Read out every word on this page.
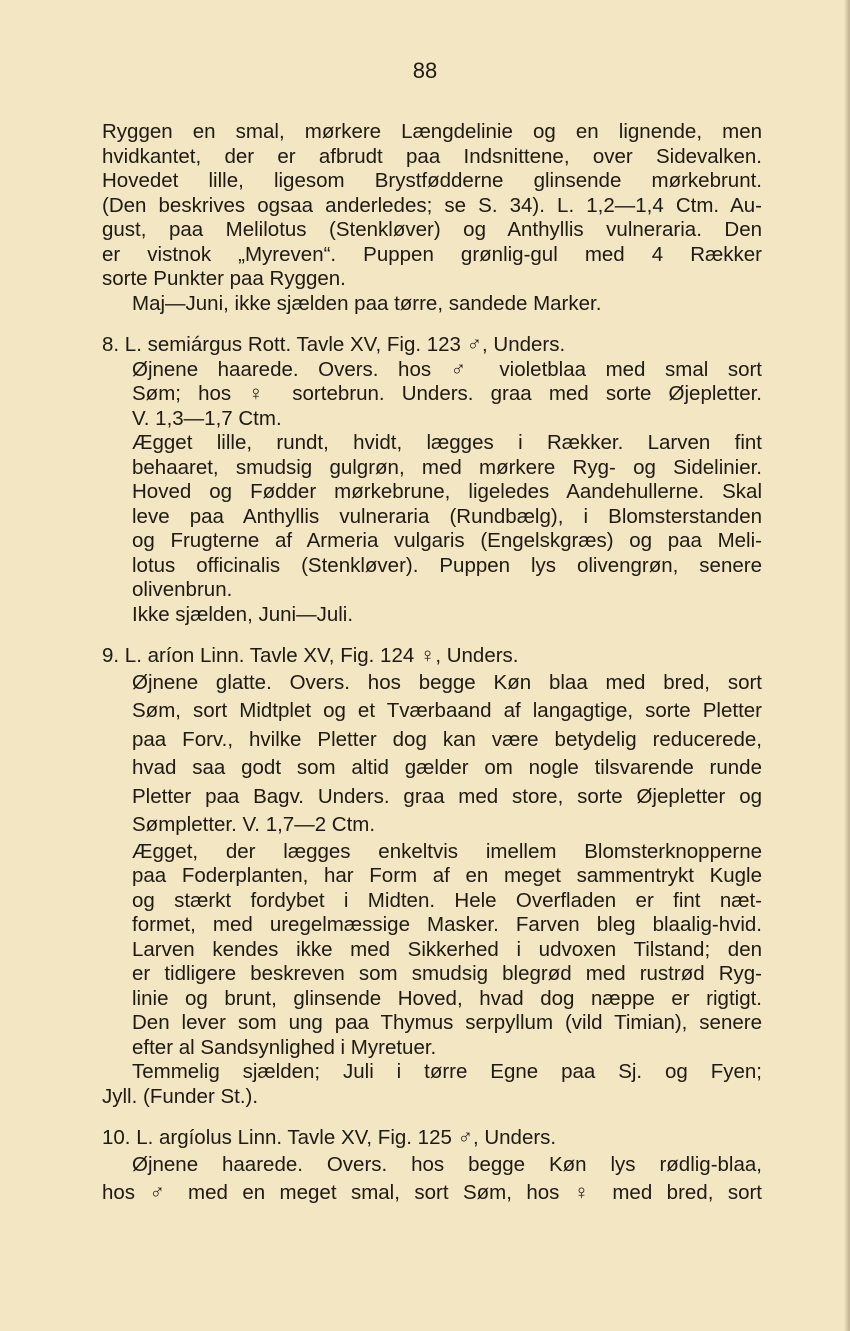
88
Ryggen en smal, mørkere Længdelinie og en lignende, men
hvidkantet, der er afbrudt paa Indsnittene, over Sidevalken.
Hovedet lille, ligesom Brystfødderne glinsende mørkebrunt.
(Den beskrives ogsaa anderledes; se S. 34). L. 1,2—1,4 Ctm. Au-
gust, paa Melilotus (Stenkløver) og Anthyllis vulneraria. Den
er vistnok „Myreven“. Puppen grønlig-gul med 4 Rækker
sorte Punkter paa Ryggen.
Maj—Juni, ikke sjælden paa tørre, sandede Marker.
8. L. semiárgus Rott. Tavle XV, Fig. 123 ♂, Unders.
Øjnene haarede. Overs. hos ♂ violetblaa med smal sort
Søm; hos ♀ sortebrun. Unders. graa med sorte Øjepletter.
V. 1,3—1,7 Ctm.
Ægget lille, rundt, hvidt, lægges i Rækker. Larven fint
behaaret, smudsig gulgrøn, med mørkere Ryg- og Sidelinier.
Hoved og Fødder mørkebrune, ligeledes Aandehullerne. Skal
leve paa Anthyllis vulneraria (Rundbælg), i Blomsterstanden
og Frugterne af Armeria vulgaris (Engelskgræs) og paa Meli-
lotus officinalis (Stenkløver). Puppen lys olivengrøn, senere
olivenbrun.
Ikke sjælden, Juni—Juli.
9. L. aríon Linn. Tavle XV, Fig. 124 ♀, Unders.
Øjnene glatte. Overs. hos begge Køn blaa med bred, sort
Søm, sort Midtplet og et Tværbaand af langagtige, sorte Pletter
paa Forv., hvilke Pletter dog kan være betydelig reducerede,
hvad saa godt som altid gælder om nogle tilsvarende runde
Pletter paa Bagv. Unders. graa med store, sorte Øjepletter og
Sømpletter. V. 1,7—2 Ctm.
Ægget, der lægges enkeltvis imellem Blomsterknopperne
paa Foderplanten, har Form af en meget sammentrykt Kugle
og stærkt fordybet i Midten. Hele Overfladen er fint næt-
formet, med uregelmæssige Masker. Farven bleg blaalig-hvid.
Larven kendes ikke med Sikkerhed i udvoxen Tilstand; den
er tidligere beskreven som smudsig blegrød med rustrød Ryg-
linie og brunt, glinsende Hoved, hvad dog næppe er rigtigt.
Den lever som ung paa Thymus serpyllum (vild Timian), senere
efter al Sandsynlighed i Myretuer.
Temmelig sjælden; Juli i tørre Egne paa Sj. og Fyen;
Jyll. (Funder St.).
10. L. argíolus Linn. Tavle XV, Fig. 125 ♂, Unders.
Øjnene haarede. Overs. hos begge Køn lys rødlig-blaa,
hos ♂ med en meget smal, sort Søm, hos ♀ med bred, sort
